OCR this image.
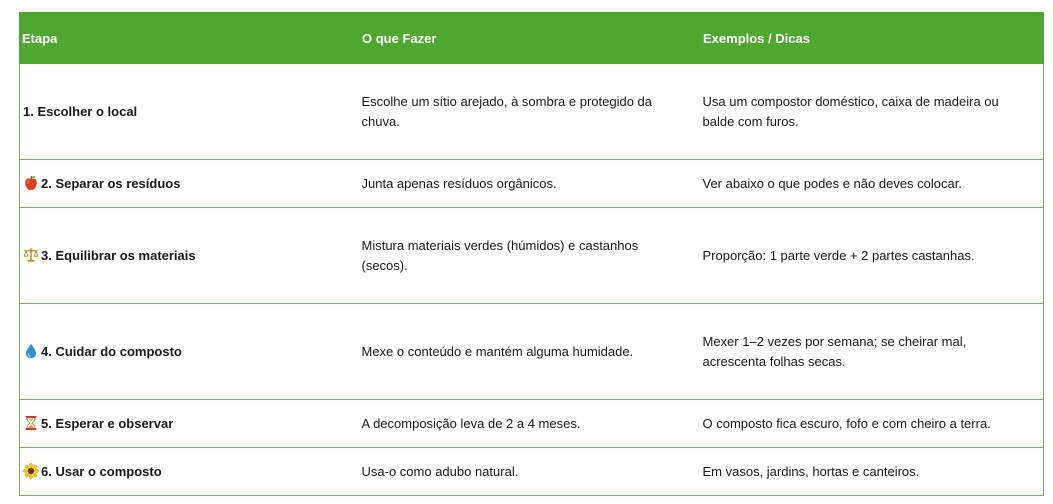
Etapa	O que Fazer	Exemplos / Dicas
1. Escolher o local	Escolhe um sítio arejado, à sombra e protegido da chuva.	Usa um compostor doméstico, caixa de madeira ou balde com furos.

2. Separar os resíduos	Junta apenas resíduos orgânicos.	Ver abaixo o que podes e não deves colocar.

3. Equilibrar os materiais	Mistura materiais verdes (húmidos) e castanhos (secos).	Proporção: 1 parte verde + 2 partes castanhas.

4. Cuidar do composto	Mexe o conteúdo e mantém alguma humidade.	Mexer 1–2 vezes por semana; se cheirar mal, acrescenta folhas secas.

5. Esperar e observar	A decomposição leva de 2 a 4 meses.	O composto fica escuro, fofo e com cheiro a terra.

6. Usar o composto	Usa-o como adubo natural.	Em vasos, jardins, hortas e canteiros.
